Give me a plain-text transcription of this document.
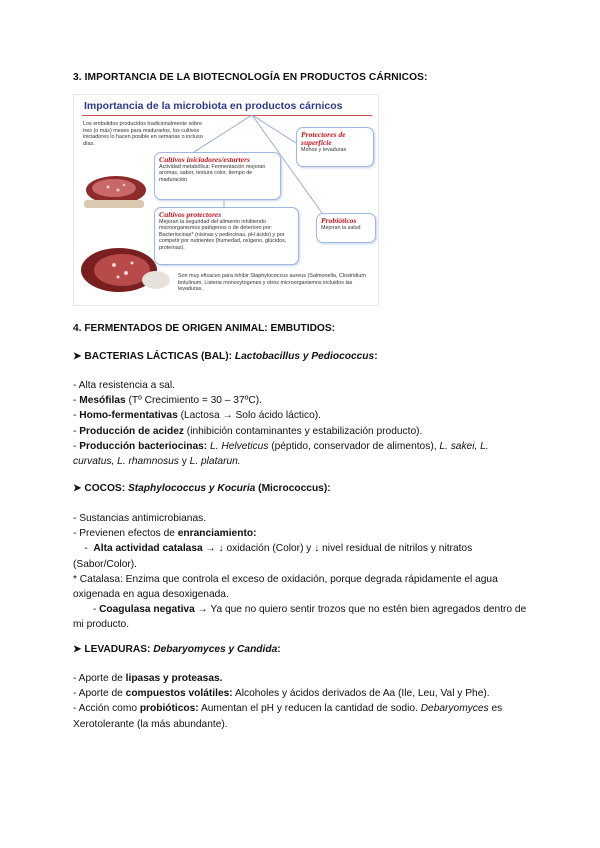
3. IMPORTANCIA DE LA BIOTECNOLOGÍA EN PRODUCTOS CÁRNICOS:
Importancia de la microbiota en productos cárnicos
Los embutidos producidos tradicionalmente sobre tres (o más) meses para madurarlos, los cultivos iniciadores lo hacen posible en semanas o incluso días.
Cultivos iniciadores/estarters
Actividad metabólica: Fermentación mejoran aromas, sabor, textura color, tiempo de maduración
Cultivos protectores
Mejoran la seguridad del alimento inhibiendo microorganismos patógenos o de deterioro por: Bacteriocinas* (nisinas y pediocinas, pH ácido) y por competir por nutrientes (humedad, oxígeno, glúcidos, proteínas).
Protectores de superficie
Mohos y levaduras
Probióticos
Mejoran la salud
Son muy eficaces para inhibir Staphylococcus aureus (Salmonella, Clostridium botulinum, Listeria monocytogenes y otros microorganismos incluidos las levaduras.
4. FERMENTADOS DE ORIGEN ANIMAL: EMBUTIDOS:
➤ BACTERIAS LÁCTICAS (BAL): Lactobacillus y Pediococcus:
- Alta resistencia a sal.
- Mesófilas (Tº Crecimiento = 30 – 37ºC).
- Homo-fermentativas (Lactosa → Solo ácido láctico).
- Producción de acidez (inhibición contaminantes y estabilización producto).
- Producción bacteriocinas: L. Helveticus (péptido, conservador de alimentos), L. sakei, L. curvatus, L. rhamnosus y L. platarun.
➤ COCOS: Staphylococcus y Kocuria (Micrococcus):
- Sustancias antimicrobianas.
- Previenen efectos de enranciamiento:
-  Alta actividad catalasa → ↓ oxidación (Color) y ↓ nivel residual de nitrilos y nitratos (Sabor/Color).
* Catalasa: Enzima que controla el exceso de oxidación, porque degrada rápidamente el agua oxigenada en agua desoxigenada.
- Coagulasa negativa → Ya que no quiero sentir trozos que no estén bien agregados dentro de mi producto.
➤ LEVADURAS: Debaryomyces y Candida:
- Aporte de lipasas y proteasas.
- Aporte de compuestos volátiles: Alcoholes y ácidos derivados de Aa (Ile, Leu, Val y Phe).
- Acción como probióticos: Aumentan el pH y reducen la cantidad de sodio. Debaryomyces es Xerotolerante (la más abundante).
